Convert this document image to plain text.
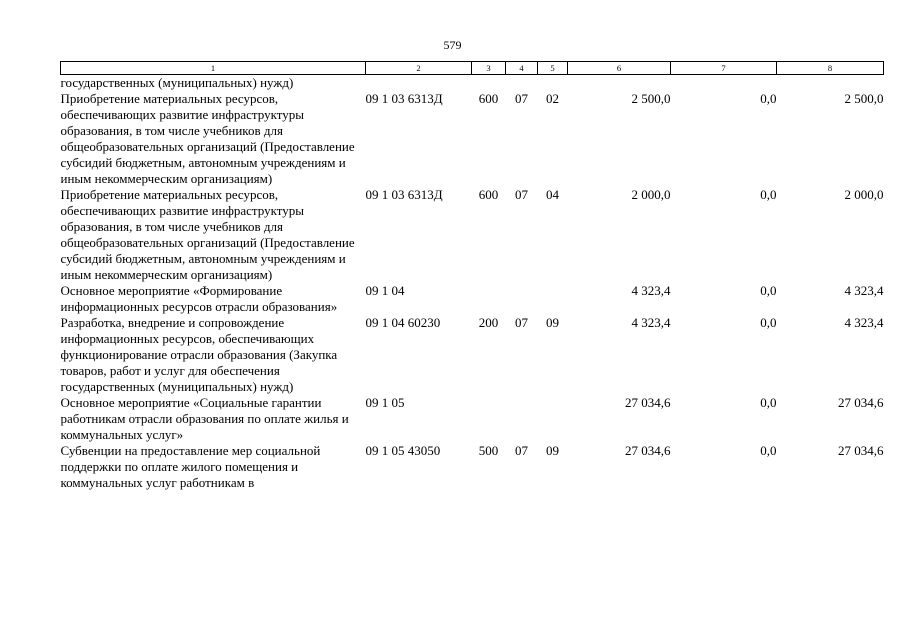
579
1	2	3	4	5	6	7	8
государственных (муниципальных) нужд)							
Приобретение материальных ресурсов, обеспечивающих развитие инфраструктуры образования, в том числе учебников для общеобразовательных организаций (Предоставление субсидий бюджетным, автономным учреждениям и иным некоммерческим организациям)	09 1 03 6313Д	600	07	02	2 500,0	0,0	2 500,0
Приобретение материальных ресурсов, обеспечивающих развитие инфраструктуры образования, в том числе учебников для общеобразовательных организаций (Предоставление субсидий бюджетным, автономным учреждениям и иным некоммерческим организациям)	09 1 03 6313Д	600	07	04	2 000,0	0,0	2 000,0
Основное мероприятие «Формирование информационных ресурсов отрасли образования»	09 1 04				4 323,4	0,0	4 323,4
Разработка, внедрение и сопровождение информационных ресурсов, обеспечивающих функционирование отрасли образования (Закупка товаров, работ и услуг для обеспечения государственных (муниципальных) нужд)	09 1 04 60230	200	07	09	4 323,4	0,0	4 323,4
Основное мероприятие «Социальные гарантии работникам отрасли образования по оплате жилья и коммунальных услуг»	09 1 05				27 034,6	0,0	27 034,6
Субвенции на предоставление мер социальной поддержки по оплате жилого помещения и коммунальных услуг работникам в	09 1 05 43050	500	07	09	27 034,6	0,0	27 034,6
